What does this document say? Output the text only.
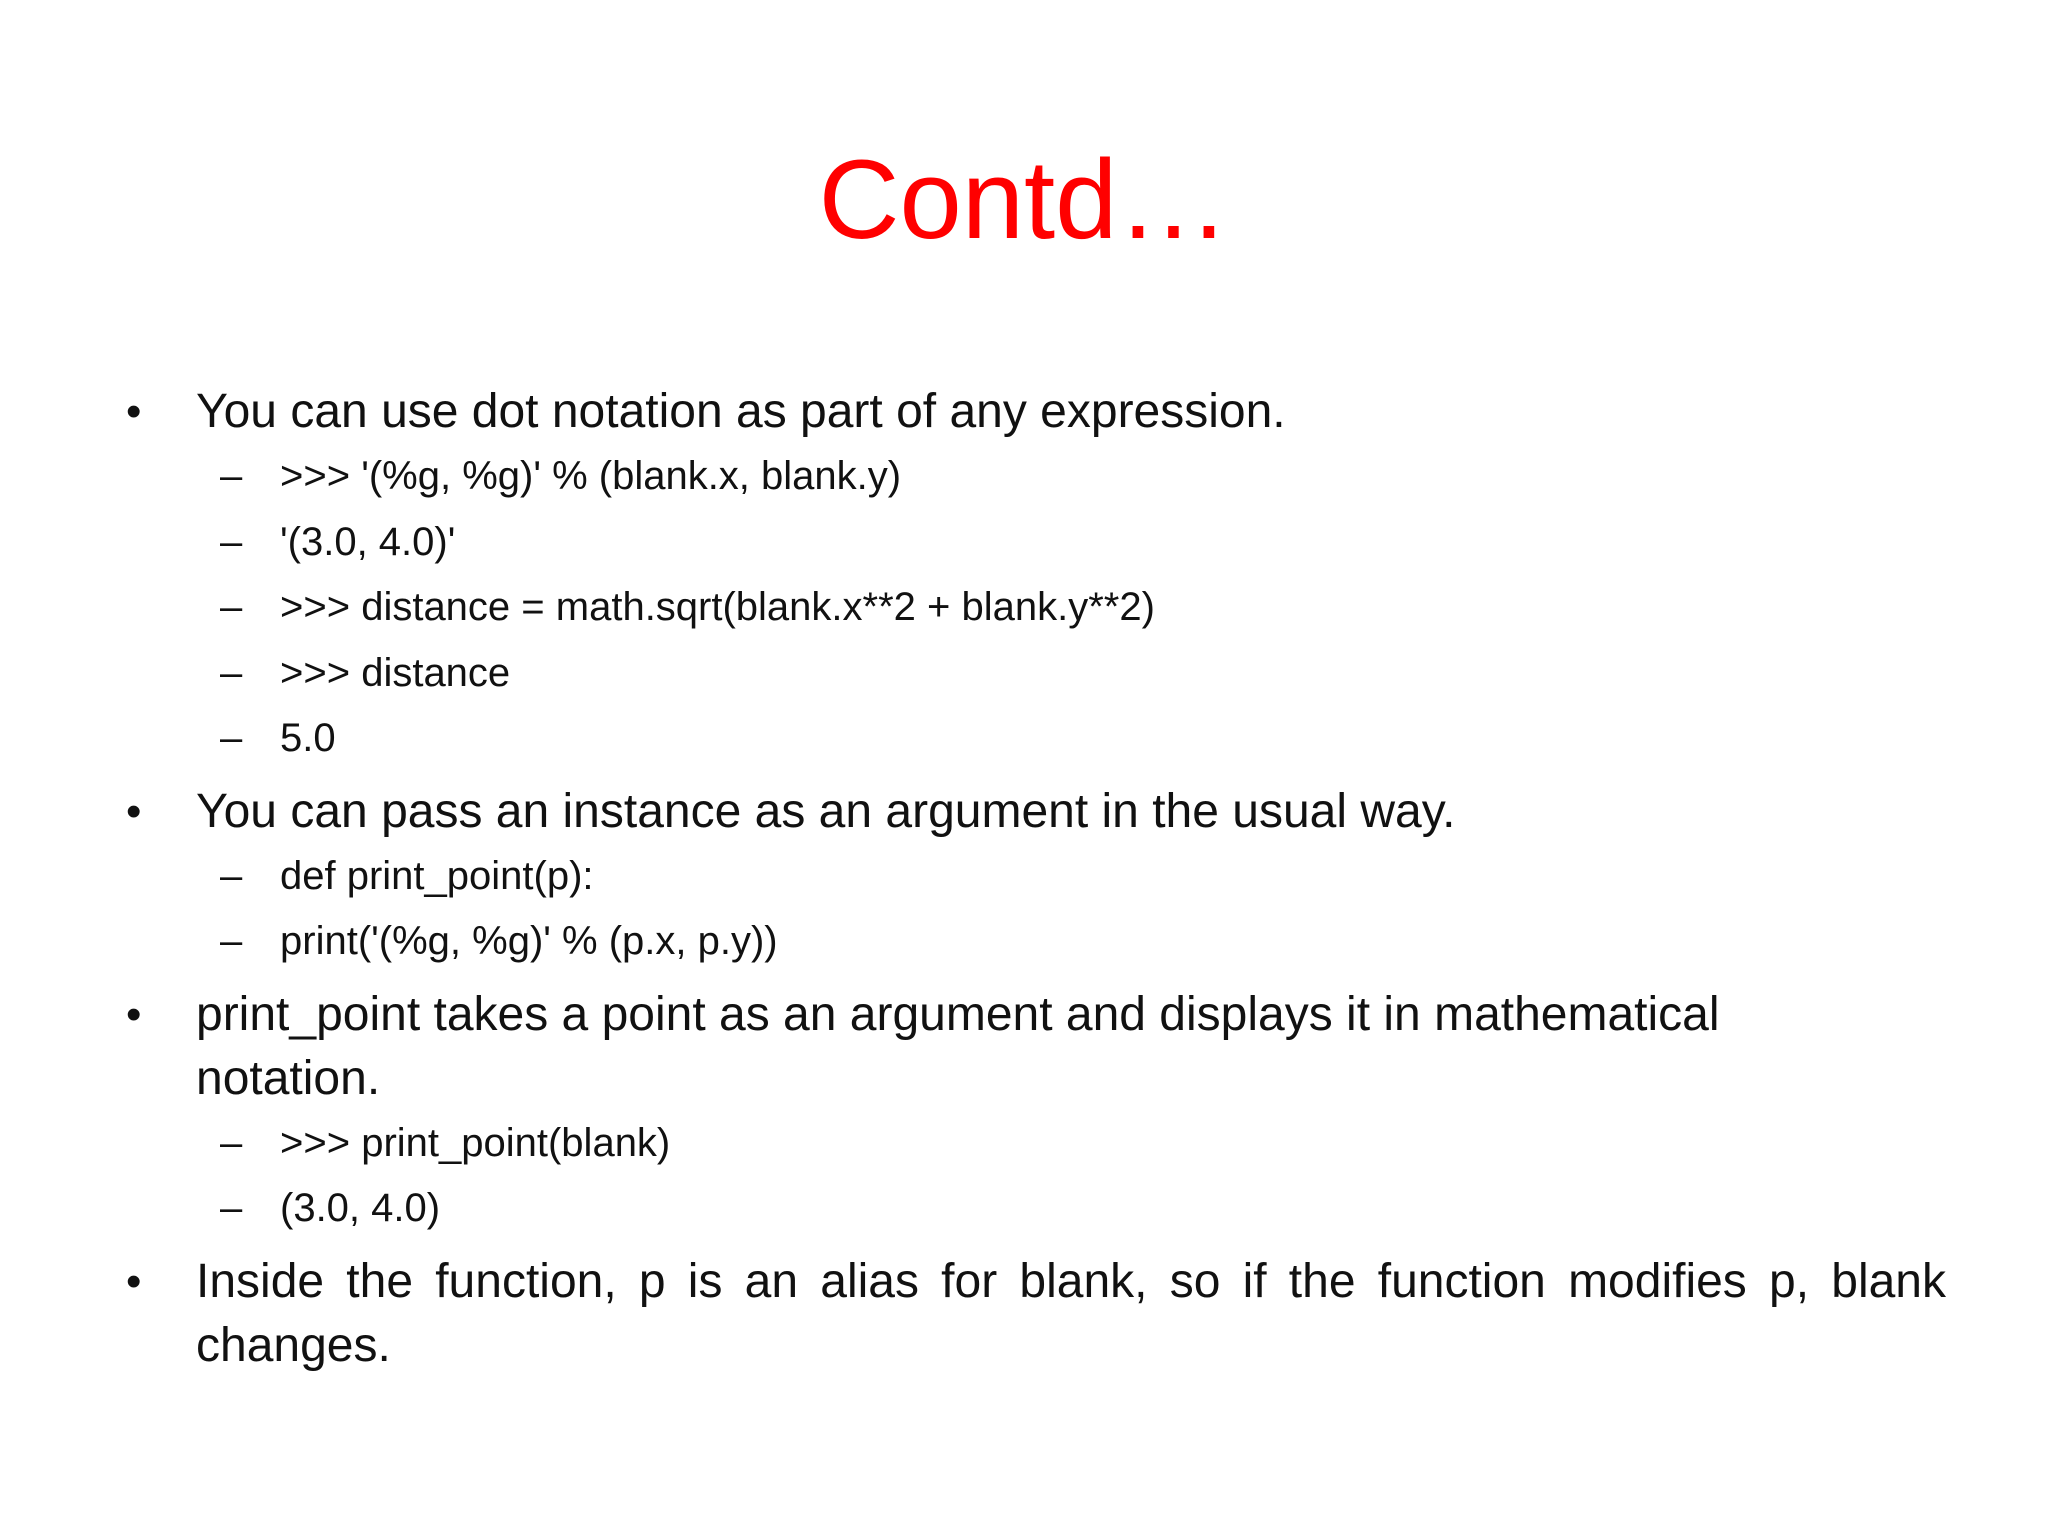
Contd…
• You can use dot notation as part of any expression.
– >>> '(%g, %g)' % (blank.x, blank.y)
– '(3.0, 4.0)'
– >>> distance = math.sqrt(blank.x**2 + blank.y**2)
– >>> distance
– 5.0
• You can pass an instance as an argument in the usual way.
– def print_point(p):
– print('(%g, %g)' % (p.x, p.y))
• print_point takes a point as an argument and displays it in mathematical notation.
– >>> print_point(blank)
– (3.0, 4.0)
• Inside the function, p is an alias for blank, so if the function modifies p, blank changes.
